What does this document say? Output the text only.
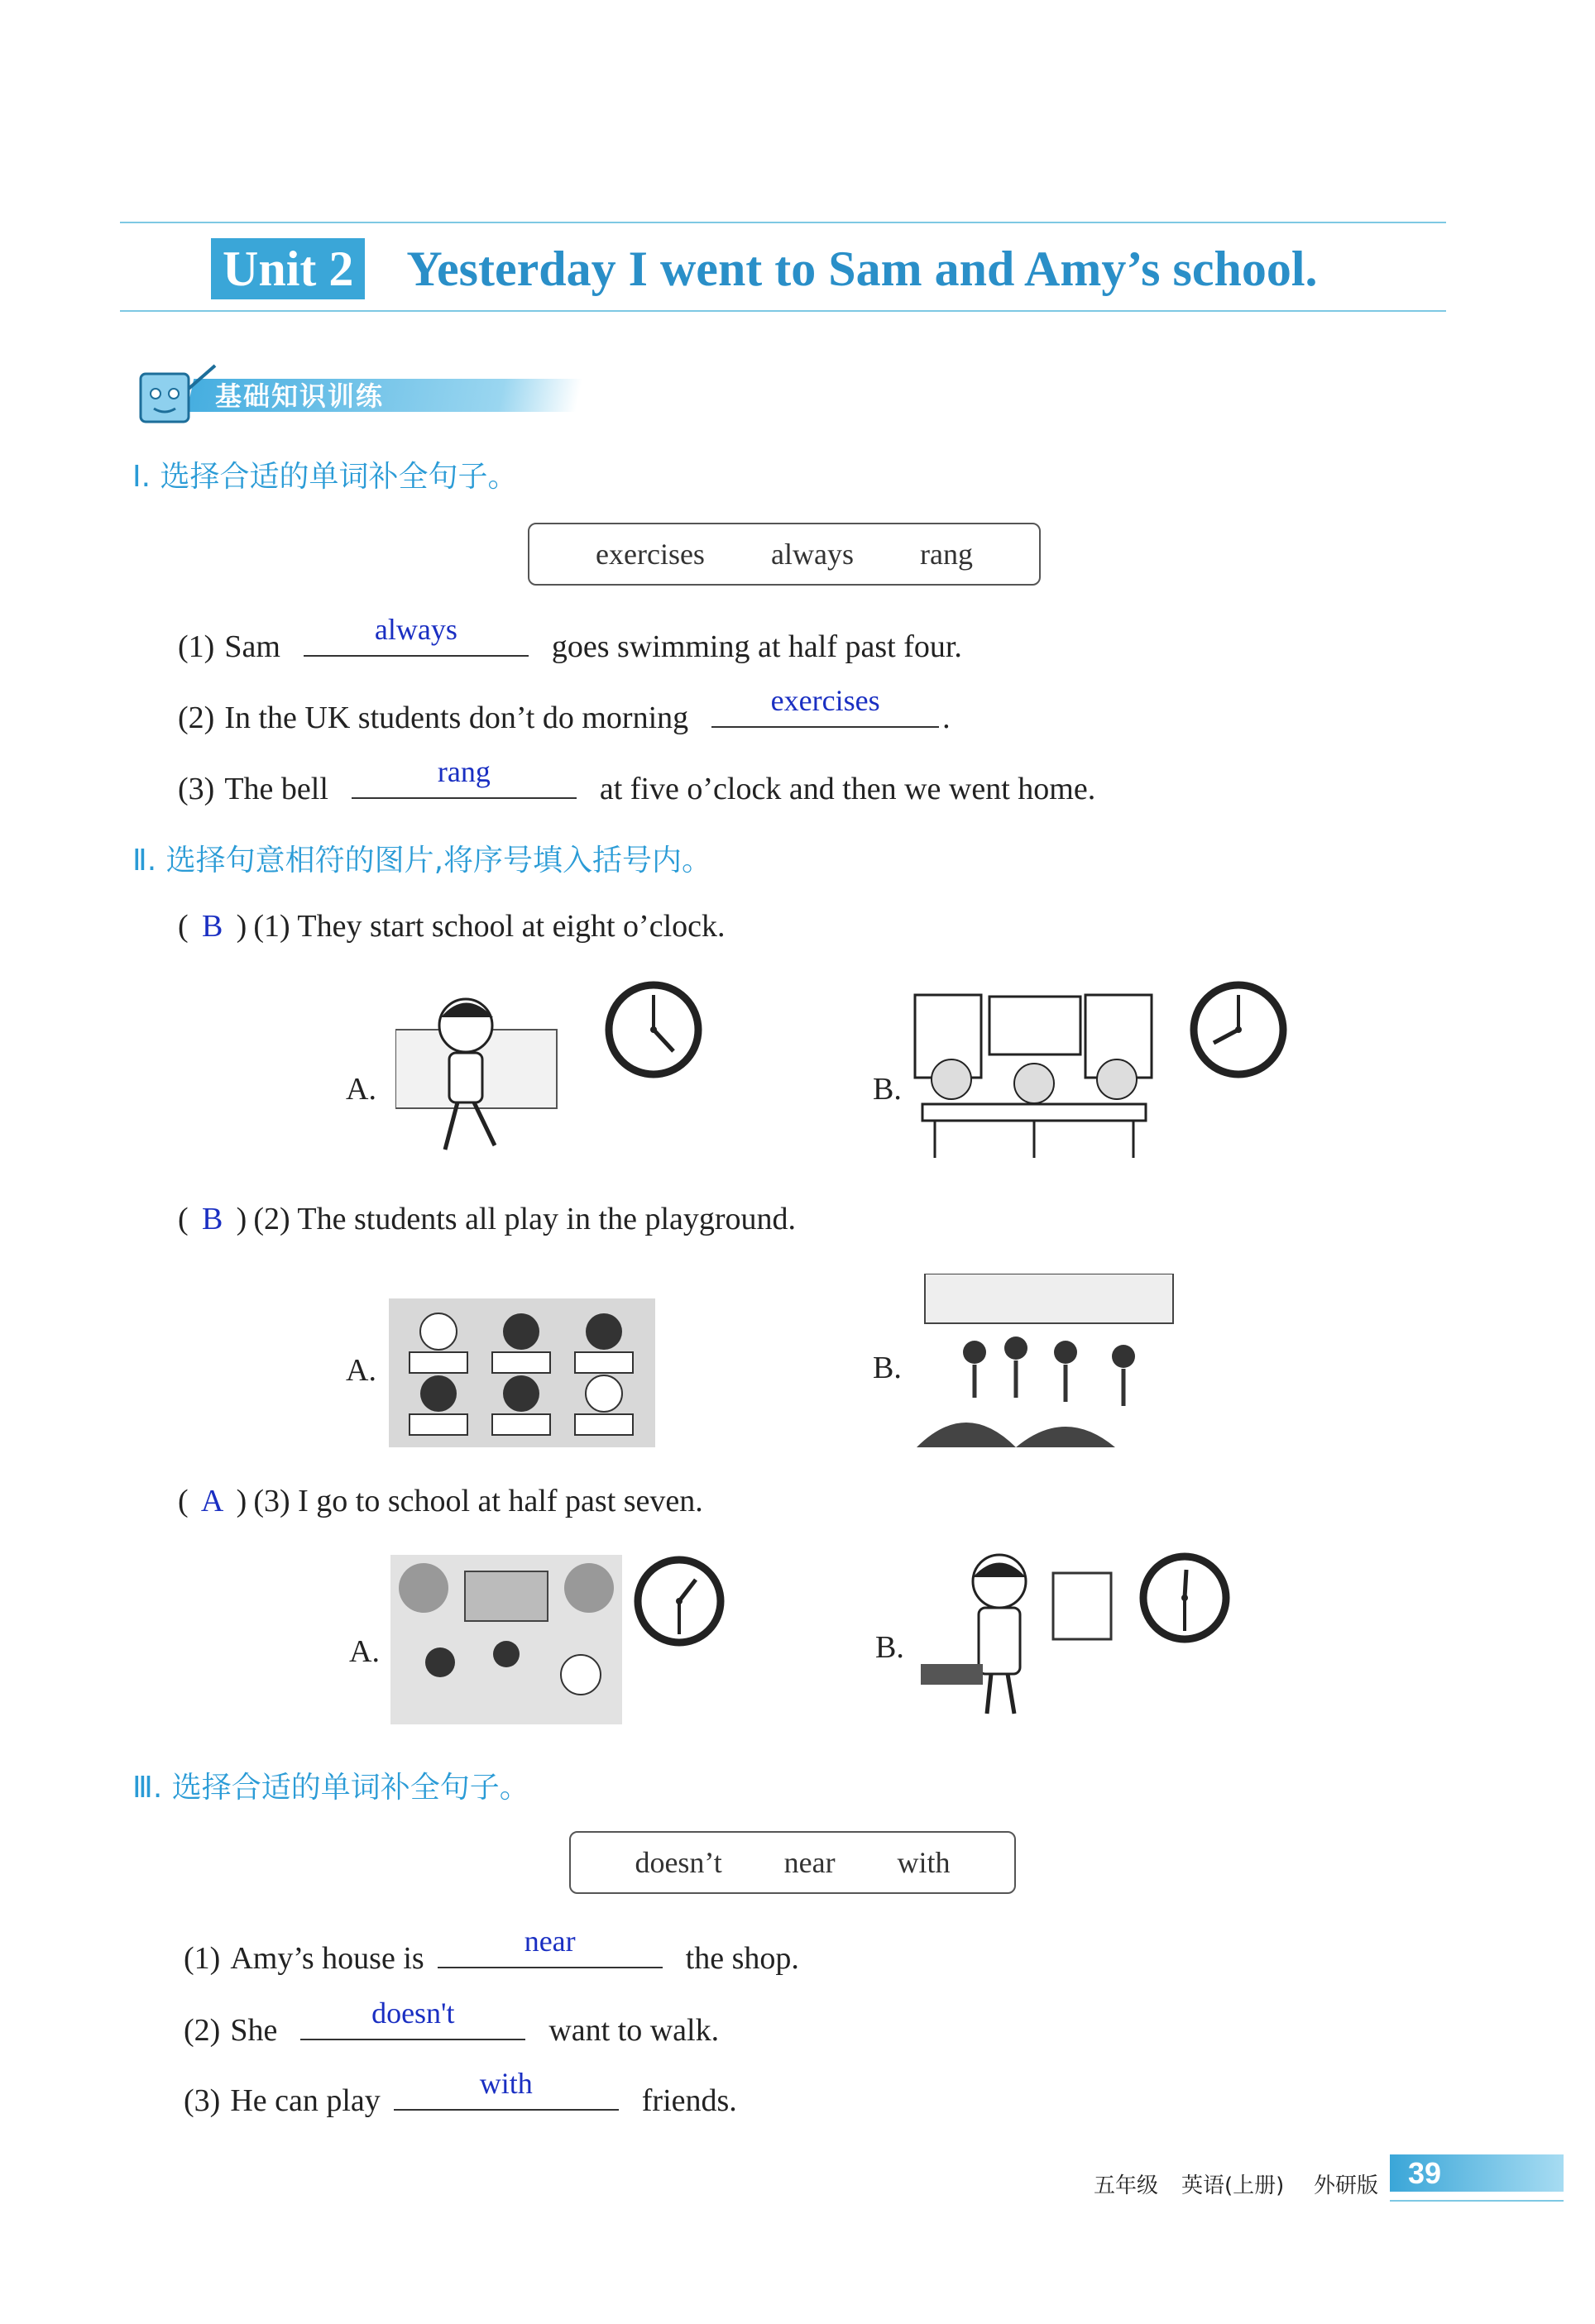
Unit 2 Yesterday I went to Sam and Amy’s school.
基础知识训练
Ⅰ. 选择合适的单词补全句子。
exercises always rang
(1) Sam	always	goes swimming at half past four.
(2) In the UK students don’t do morning	exercises	.
(3) The bell	rang	at five o’clock and then we went home.
Ⅱ. 选择句意相符的图片,将序号填入括号内。
( B ) (1) They start school at eight o’clock.
A.	B.
( B ) (2) The students all play in the playground.
A.	B.
( A ) (3) I go to school at half past seven.
A.	B.
Ⅲ. 选择合适的单词补全句子。
doesn’t near with
(1) Amy’s house is	near	the shop.
(2) She	doesn't	want to walk.
(3) He can play	with	friends.
五年级 英语(上册) 外研版 39
